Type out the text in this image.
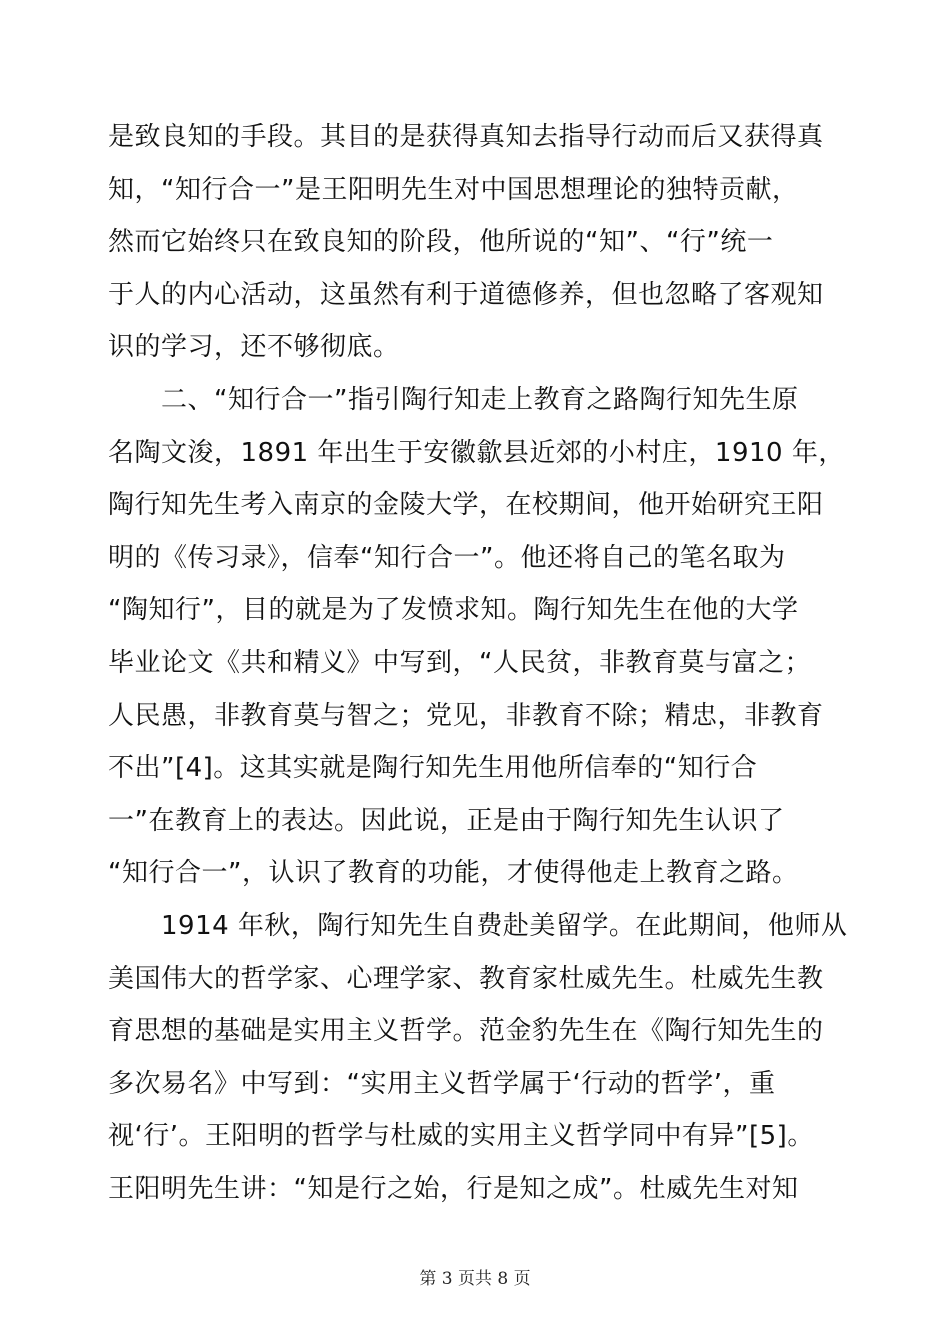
是致良知的手段。其目的是获得真知去指导行动而后又获得真
知，“知行合一”是王阳明先生对中国思想理论的独特贡献，
然而它始终只在致良知的阶段，他所说的“知”、“行”统一
于人的内心活动，这虽然有利于道德修养，但也忽略了客观知
识的学习，还不够彻底。
　　二、“知行合一”指引陶行知走上教育之路陶行知先生原
名陶文浚，1891 年出生于安徽歙县近郊的小村庄，1910 年，
陶行知先生考入南京的金陵大学，在校期间，他开始研究王阳
明的《传习录》，信奉“知行合一”。他还将自己的笔名取为
“陶知行”，目的就是为了发愤求知。陶行知先生在他的大学
毕业论文《共和精义》中写到，“人民贫，非教育莫与富之；
人民愚，非教育莫与智之；党见，非教育不除；精忠，非教育
不出”[4]。这其实就是陶行知先生用他所信奉的“知行合
一”在教育上的表达。因此说，正是由于陶行知先生认识了
“知行合一”，认识了教育的功能，才使得他走上教育之路。
　　1914 年秋，陶行知先生自费赴美留学。在此期间，他师从
美国伟大的哲学家、心理学家、教育家杜威先生。杜威先生教
育思想的基础是实用主义哲学。范金豹先生在《陶行知先生的
多次易名》中写到：“实用主义哲学属于‘行动的哲学’，重
视‘行’。王阳明的哲学与杜威的实用主义哲学同中有异”[5]。
王阳明先生讲：“知是行之始，行是知之成”。杜威先生对知
第 3 页共 8 页
